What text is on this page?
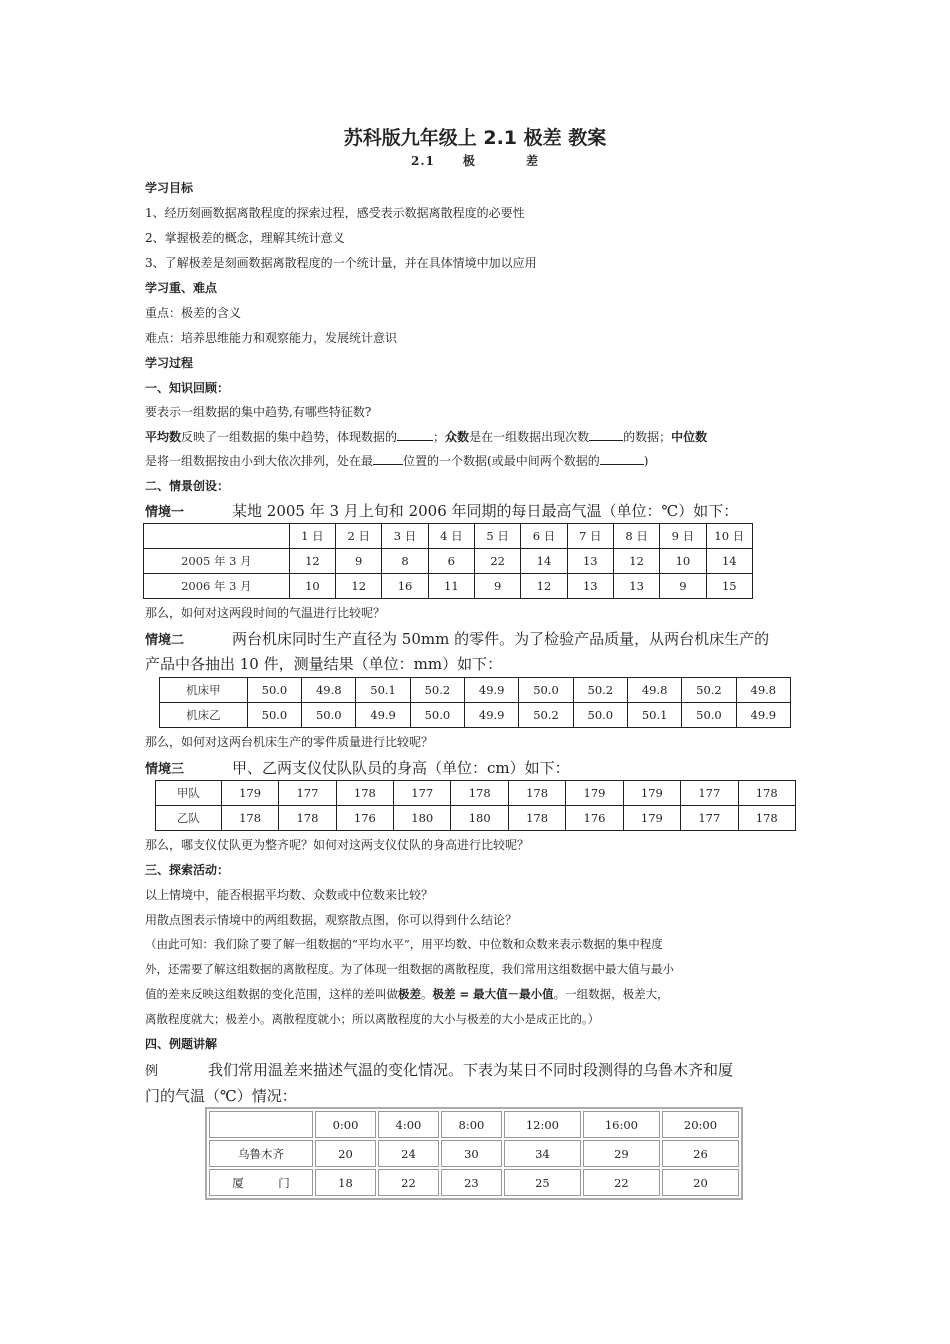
苏科版九年级上 2.1 极差 教案
2.1 极	差
学习目标
1、经历刻画数据离散程度的探索过程，感受表示数据离散程度的必要性
2、掌握极差的概念，理解其统计意义
3、了解极差是刻画数据离散程度的一个统计量，并在具体情境中加以应用
学习重、难点
重点：极差的含义
难点：培养思维能力和观察能力，发展统计意识
学习过程
一、知识回顾：
要表示一组数据的集中趋势,有哪些特征数?
平均数反映了一组数据的集中趋势，体现数据的	；众数是在一组数据出现次数	的数据；中位数
是将一组数据按由小到大依次排列，处在最	位置的一个数据(或最中间两个数据的	)
二、情景创设：
情境一	某地 2005 年 3 月上旬和 2006 年同期的每日最高气温（单位：℃）如下：
	1 日	2 日	3 日	4 日	5 日	6 日	7 日	8 日	9 日	10 日
2005 年 3 月	12	9	8	6	22	14	13	12	10	14
2006 年 3 月	10	12	16	11	9	12	13	13	9	15
那么，如何对这两段时间的气温进行比较呢？
情境二	两台机床同时生产直径为 50mm 的零件。为了检验产品质量，从两台机床生产的
产品中各抽出 10 件，测量结果（单位：mm）如下：
机床甲	50.0	49.8	50.1	50.2	49.9	50.0	50.2	49.8	50.2	49.8
机床乙	50.0	50.0	49.9	50.0	49.9	50.2	50.0	50.1	50.0	49.9
那么，如何对这两台机床生产的零件质量进行比较呢？
情境三	甲、乙两支仪仗队队员的身高（单位：cm）如下：
甲队	179	177	178	177	178	178	179	179	177	178
乙队	178	178	176	180	180	178	176	179	177	178
那么，哪支仪仗队更为整齐呢？如何对这两支仪仗队的身高进行比较呢？
三、探索活动：
以上情境中，能否根据平均数、众数或中位数来比较？
用散点图表示情境中的两组数据，观察散点图，你可以得到什么结论？
（由此可知：我们除了要了解一组数据的“平均水平”，用平均数、中位数和众数来表示数据的集中程度
外，还需要了解这组数据的离散程度。为了体现一组数据的离散程度，我们常用这组数据中最大值与最小
值的差来反映这组数据的变化范围，这样的差叫做极差。极差 = 最大值－最小值。一组数据，极差大，
离散程度就大；极差小。离散程度就小；所以离散程度的大小与极差的大小是成正比的。）
四、例题讲解
例	我们常用温差来描述气温的变化情况。下表为某日不同时段测得的乌鲁木齐和厦
门的气温（℃）情况：
	0:00	4:00	8:00	12:00	16:00	20:00
乌鲁木齐	20	24	30	34	29	26
厦　　　门	18	22	23	25	22	20
